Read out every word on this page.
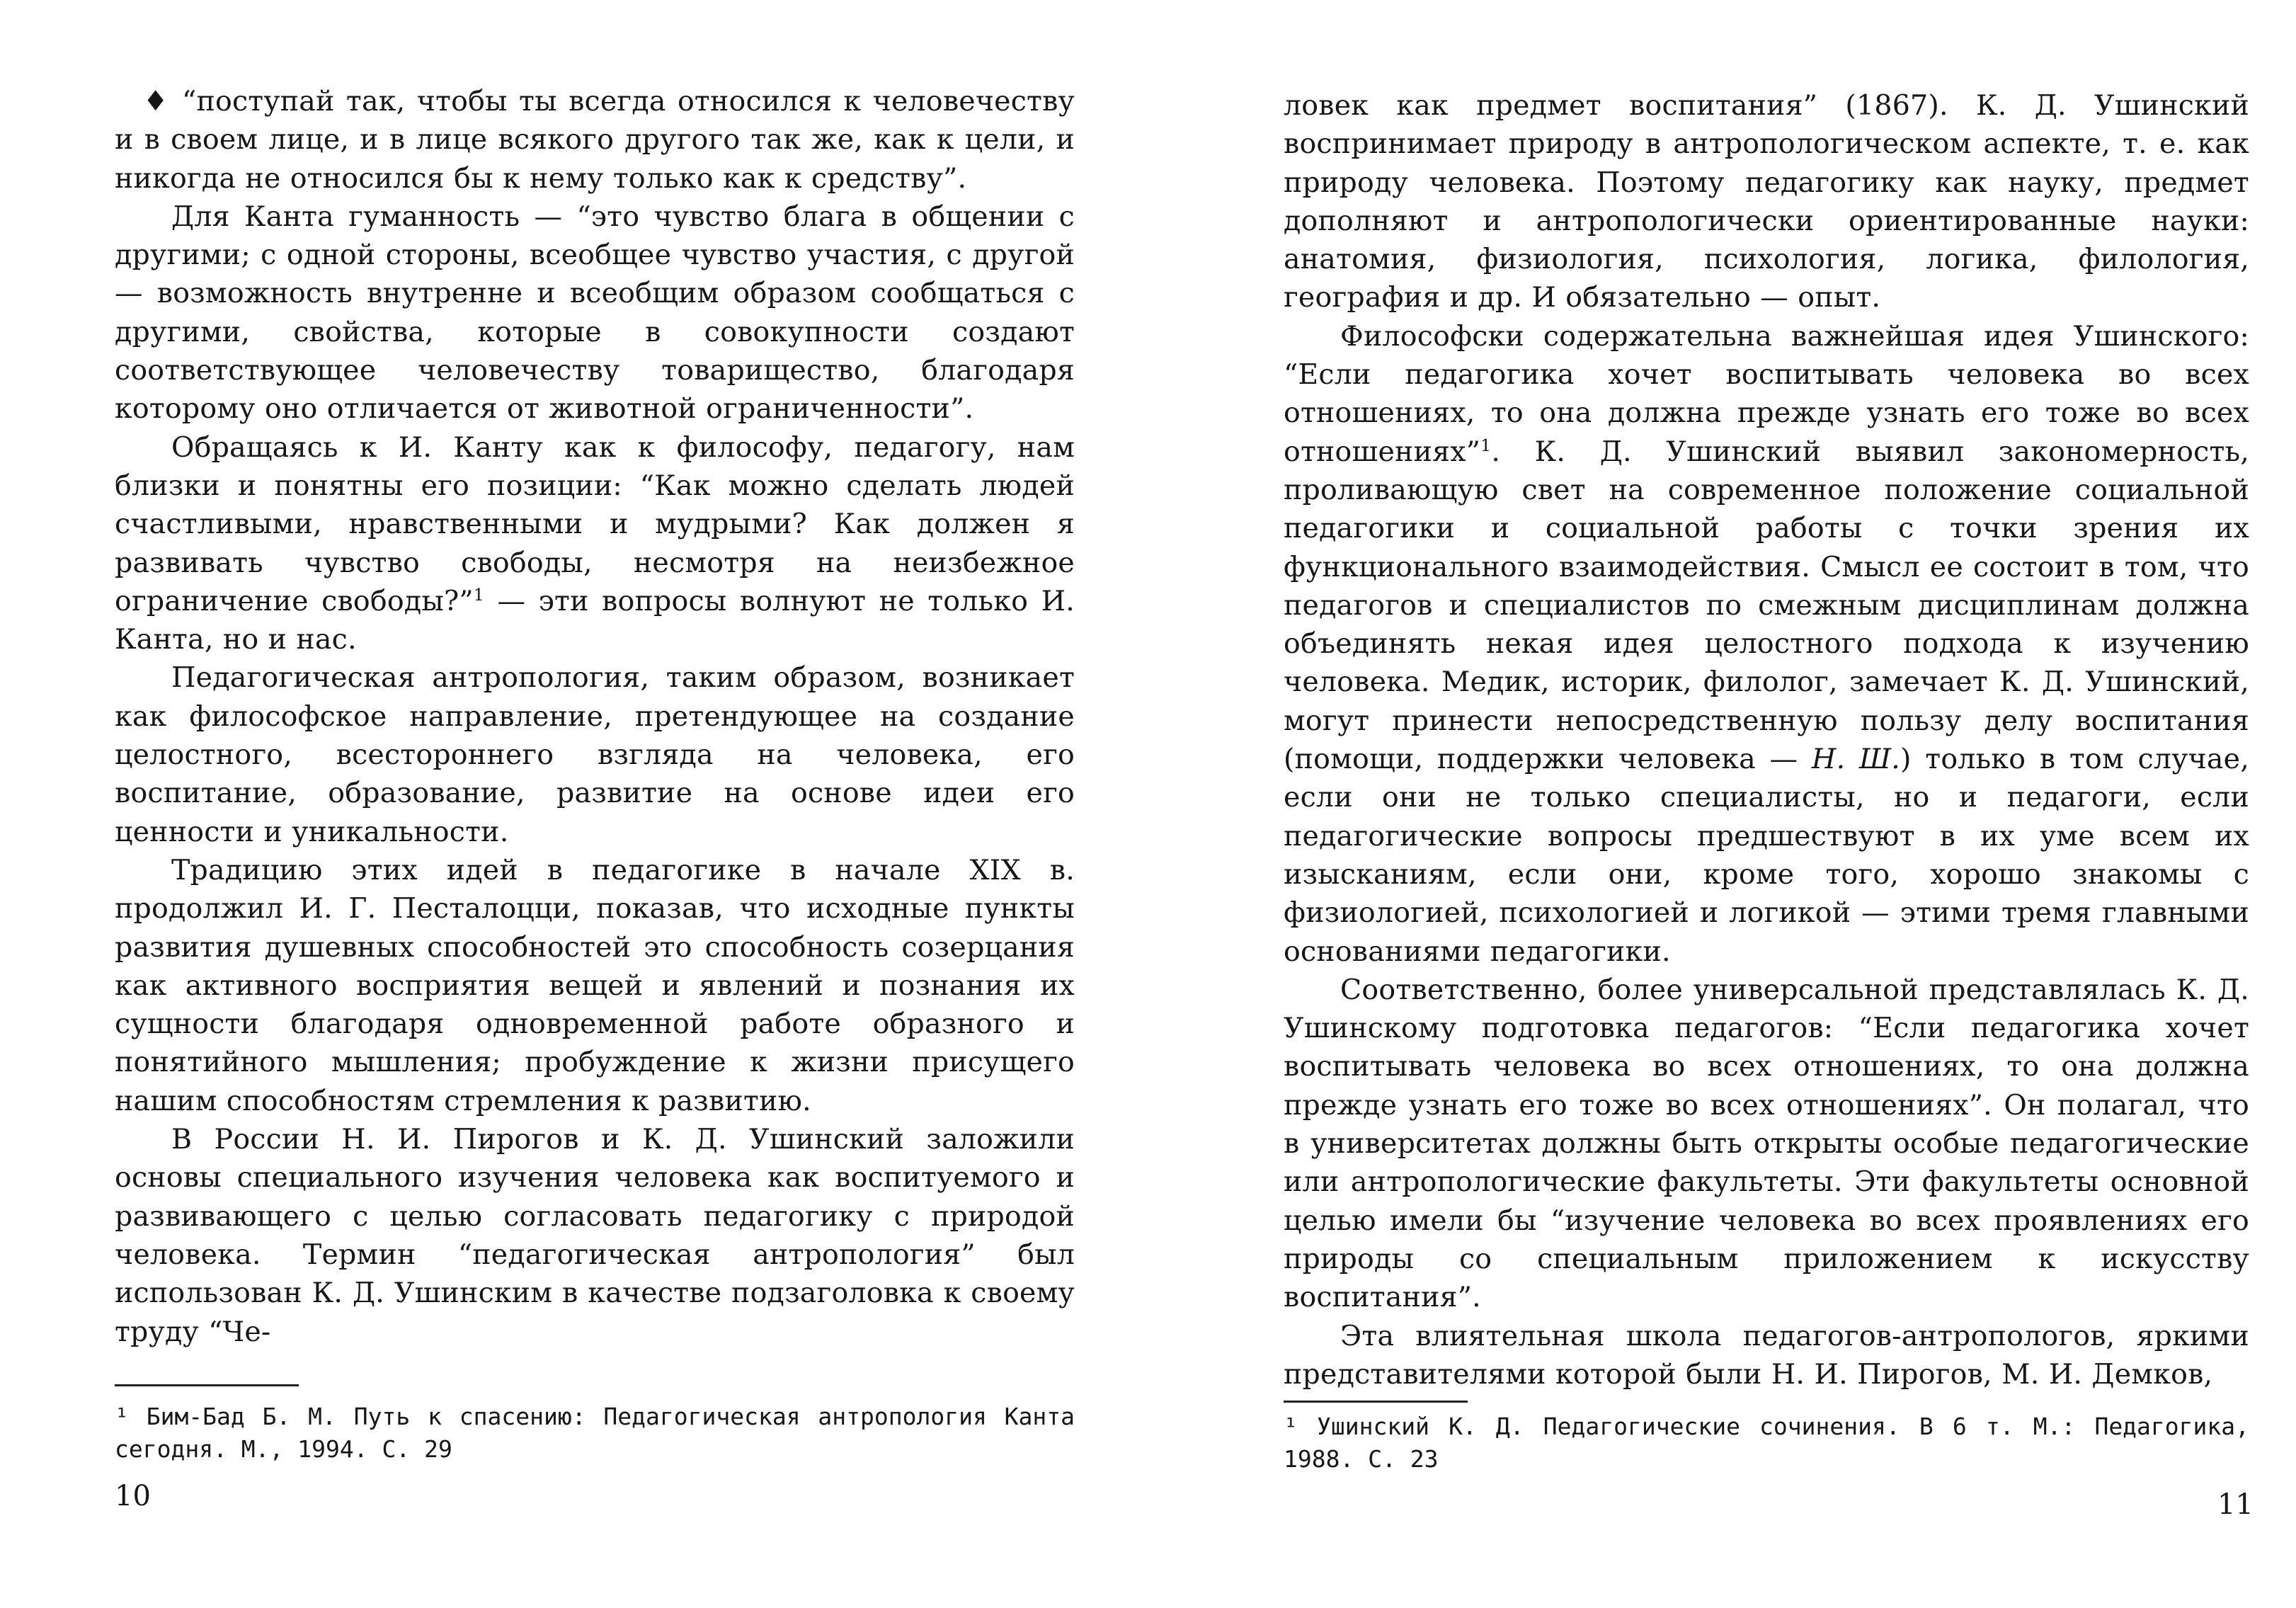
♦ “поступай так, чтобы ты всегда относился к человечеству и в своем лице, и в лице всякого другого так же, как к цели, и никогда не относился бы к нему только как к средству”.

Для Канта гуманность — “это чувство блага в общении с другими; с одной стороны, всеобщее чувство участия, с другой — возможность внутренне и всеобщим образом сообщаться с другими, свойства, которые в совокупности создают соответствующее человечеству товарищество, благодаря которому оно отличается от животной ограниченности”.

Обращаясь к И. Канту как к философу, педагогу, нам близки и понятны его позиции: “Как можно сделать людей счастливыми, нравственными и мудрыми? Как должен я развивать чувство свободы, несмотря на неизбежное ограничение свободы?”$^1$ — эти вопросы волнуют не только И. Канта, но и нас.

Педагогическая антропология, таким образом, возникает как философское направление, претендующее на создание целостного, всестороннего взгляда на человека, его воспитание, образование, развитие на основе идеи его ценности и уникальности.

Традицию этих идей в педагогике в начале XIX в. продолжил И. Г. Песталоцци, показав, что исходные пункты развития душевных способностей это способность созерцания как активного восприятия вещей и явлений и познания их сущности благодаря одновременной работе образного и понятийного мышления; пробуждение к жизни присущего нашим способностям стремления к развитию.

В России Н. И. Пирогов и К. Д. Ушинский заложили основы специального изучения человека как воспитуемого и развивающего с целью согласовать педагогику с природой человека. Термин “педагогическая антропология” был использован К. Д. Ушинским в качестве подзаголовка к своему труду “Че-

¹ Бим-Бад Б. М. Путь к спасению: Педагогическая антропология Канта сегодня. М., 1994. С. 29
10

ловек как предмет воспитания” (1867). К. Д. Ушинский воспринимает природу в антропологическом аспекте, т. е. как природу человека. Поэтому педагогику как науку, предмет дополняют и антропологически ориентированные науки: анатомия, физиология, психология, логика, филология, география и др. И обязательно — опыт.

Философски содержательна важнейшая идея Ушинского: “Если педагогика хочет воспитывать человека во всех отношениях, то она должна прежде узнать его тоже во всех отношениях”$^1$. К. Д. Ушинский выявил закономерность, проливающую свет на современное положение социальной педагогики и социальной работы с точки зрения их функционального взаимодействия. Смысл ее состоит в том, что педагогов и специалистов по смежным дисциплинам должна объединять некая идея целостного подхода к изучению человека. Медик, историк, филолог, замечает К. Д. Ушинский, могут принести непосредственную пользу делу воспитания (помощи, поддержки человека — Н. Ш.) только в том случае, если они не только специалисты, но и педагоги, если педагогические вопросы предшествуют в их уме всем их изысканиям, если они, кроме того, хорошо знакомы с физиологией, психологией и логикой — этими тремя главными основаниями педагогики.

Соответственно, более универсальной представлялась К. Д. Ушинскому подготовка педагогов: “Если педагогика хочет воспитывать человека во всех отношениях, то она должна прежде узнать его тоже во всех отношениях”. Он полагал, что в университетах должны быть открыты особые педагогические или антропологические факультеты. Эти факультеты основной целью имели бы “изучение человека во всех проявлениях его природы со специальным приложением к искусству воспитания”.

Эта влиятельная школа педагогов-антропологов, яркими представителями которой были Н. И. Пирогов, М. И. Демков,

¹ Ушинский К. Д. Педагогические сочинения. В 6 т. М.: Педагогика, 1988. С. 23
11
